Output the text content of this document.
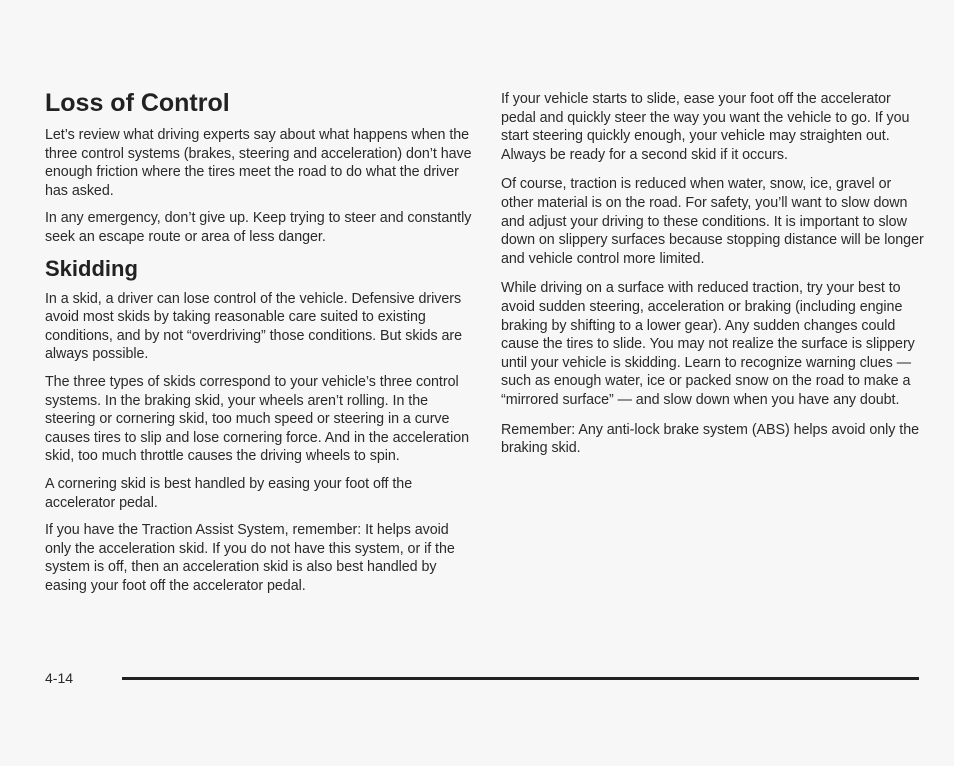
Loss of Control

Let’s review what driving experts say about what happens when the three control systems (brakes, steering and acceleration) don’t have enough friction where the tires meet the road to do what the driver has asked.

In any emergency, don’t give up. Keep trying to steer and constantly seek an escape route or area of less danger.

Skidding

In a skid, a driver can lose control of the vehicle. Defensive drivers avoid most skids by taking reasonable care suited to existing conditions, and by not “overdriving” those conditions. But skids are always possible.

The three types of skids correspond to your vehicle’s three control systems. In the braking skid, your wheels aren’t rolling. In the steering or cornering skid, too much speed or steering in a curve causes tires to slip and lose cornering force. And in the acceleration skid, too much throttle causes the driving wheels to spin.

A cornering skid is best handled by easing your foot off the accelerator pedal.

If you have the Traction Assist System, remember: It helps avoid only the acceleration skid. If you do not have this system, or if the system is off, then an acceleration skid is also best handled by easing your foot off the accelerator pedal.

If your vehicle starts to slide, ease your foot off the accelerator pedal and quickly steer the way you want the vehicle to go. If you start steering quickly enough, your vehicle may straighten out. Always be ready for a second skid if it occurs.

Of course, traction is reduced when water, snow, ice, gravel or other material is on the road. For safety, you’ll want to slow down and adjust your driving to these conditions. It is important to slow down on slippery surfaces because stopping distance will be longer and vehicle control more limited.

While driving on a surface with reduced traction, try your best to avoid sudden steering, acceleration or braking (including engine braking by shifting to a lower gear). Any sudden changes could cause the tires to slide. You may not realize the surface is slippery until your vehicle is skidding. Learn to recognize warning clues — such as enough water, ice or packed snow on the road to make a “mirrored surface” — and slow down when you have any doubt.

Remember: Any anti-lock brake system (ABS) helps avoid only the braking skid.

4-14
